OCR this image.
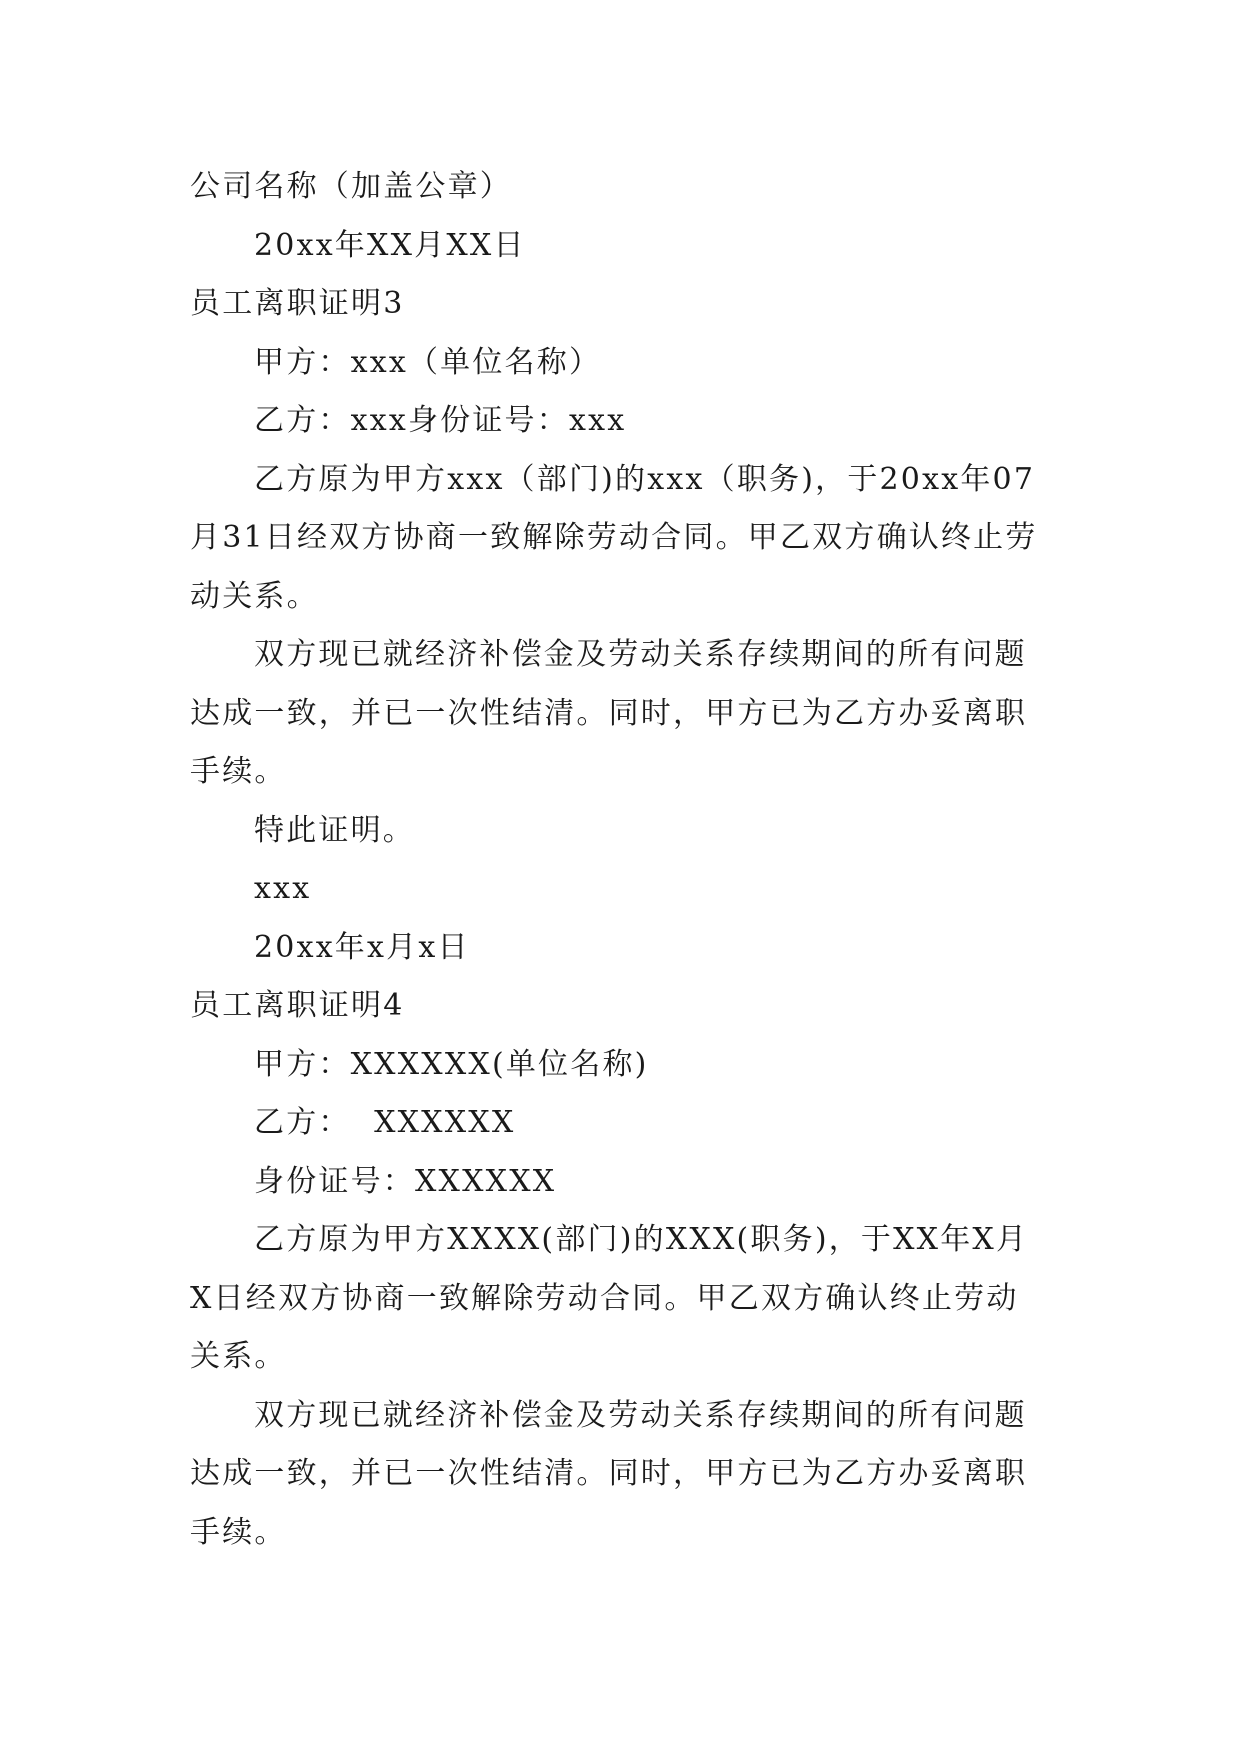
公司名称（加盖公章）

20xx年XX月XX日

员工离职证明3

甲方：xxx（单位名称）

乙方：xxx身份证号：xxx

乙方原为甲方xxx（部门)的xxx（职务)，于20xx年07月31日经双方协商一致解除劳动合同。甲乙双方确认终止劳动关系。

双方现已就经济补偿金及劳动关系存续期间的所有问题达成一致，并已一次性结清。同时，甲方已为乙方办妥离职手续。

特此证明。

xxx

20xx年x月x日

员工离职证明4

甲方：XXXXXX(单位名称)

乙方：  XXXXXX

身份证号：XXXXXX

乙方原为甲方XXXX(部门)的XXX(职务)，于XX年X月X日经双方协商一致解除劳动合同。甲乙双方确认终止劳动关系。

双方现已就经济补偿金及劳动关系存续期间的所有问题达成一致，并已一次性结清。同时，甲方已为乙方办妥离职手续。
